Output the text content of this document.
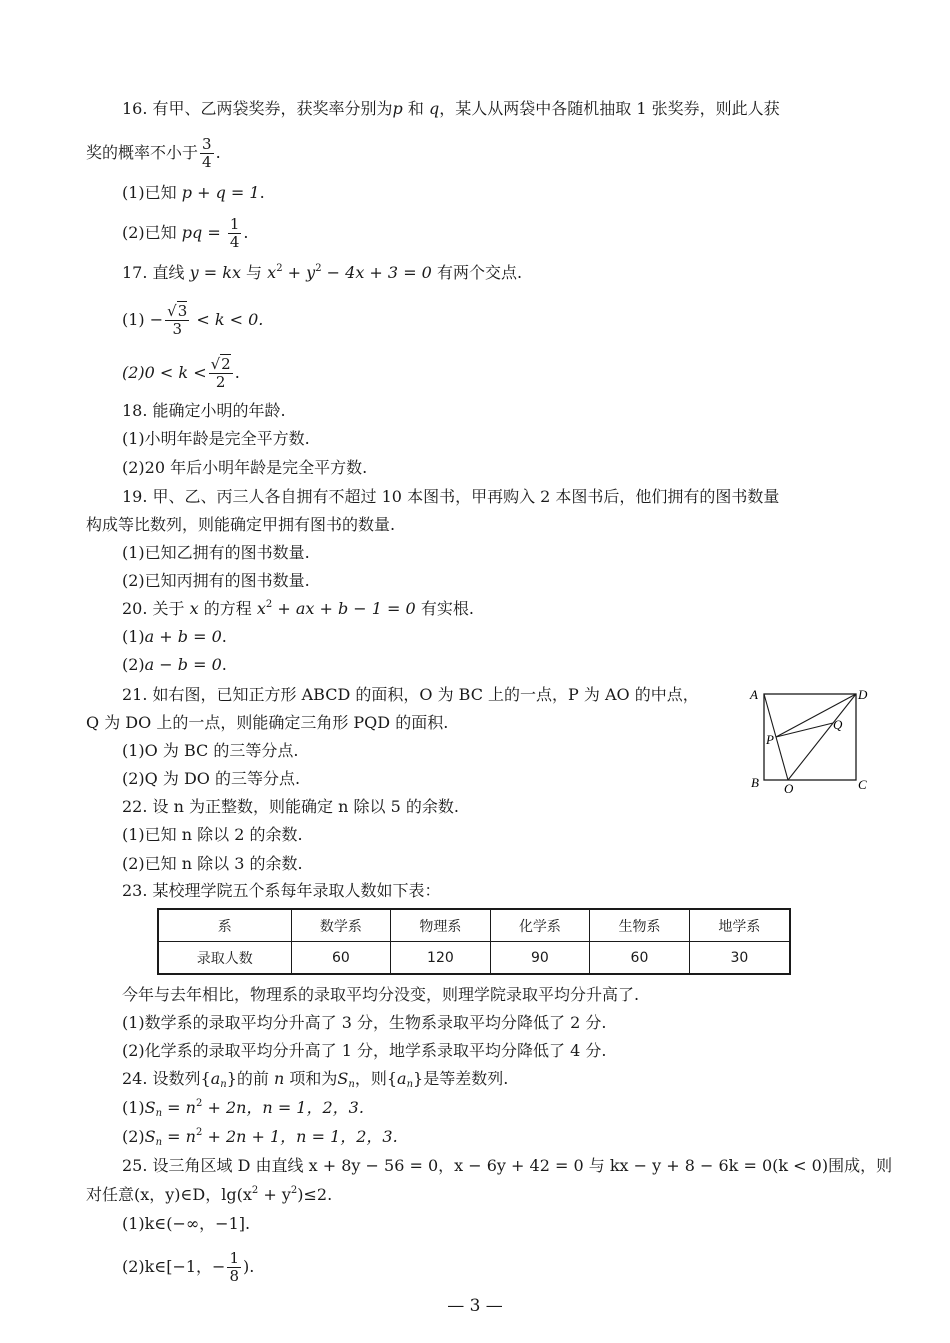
16. 有甲、乙两袋奖券，获奖率分别为p 和 q，某人从两袋中各随机抽取 1 张奖券，则此人获
奖的概率不小于 $\frac{3}{4}$ .
(1)已知 p + q = 1.
(2)已知 pq = $\frac{1}{4}$ .
17. 直线 y = kx 与 $x^2 + y^2 - 4x + 3 = 0$ 有两个交点.
$(1) - \frac{√3}{3} < k < 0$.
$(2)0 < k < \frac{√2}{2}$ .
18. 能确定小明的年龄.
(1)小明年龄是完全平方数.
(2)20 年后小明年龄是完全平方数.
19. 甲、乙、丙三人各自拥有不超过 10 本图书，甲再购入 2 本图书后，他们拥有的图书数量
构成等比数列，则能确定甲拥有图书的数量.
(1)已知乙拥有的图书数量.
(2)已知丙拥有的图书数量.
20. 关于 x 的方程 $x^2$ + ax + b − 1 = 0 有实根.
(1)a + b = 0.
(2)a − b = 0.
21. 如右图，已知正方形 ABCD 的面积，O 为 BC 上的一点，P 为 AO 的中点，
Q 为 DO 上的一点，则能确定三角形 PQD 的面积.
(1)O 为 BC 的三等分点.
(2)Q 为 DO 的三等分点.
A	D
B	C
O
P
Q
22. 设 n 为正整数，则能确定 n 除以 5 的余数.
(1)已知 n 除以 2 的余数.
(2)已知 n 除以 3 的余数.
23. 某校理学院五个系每年录取人数如下表：
系	数学系	物理系	化学系	生物系	地学系
录取人数	60	120	90	60	30
今年与去年相比，物理系的录取平均分没变，则理学院录取平均分升高了.
(1)数学系的录取平均分升高了 3 分，生物系录取平均分降低了 2 分.
(2)化学系的录取平均分升高了 1 分，地学系录取平均分降低了 4 分.
24. 设数列$\{a_n\}$的前 n 项和为$S_n$，则$\{a_n\}$是等差数列.
$(1)S_n = n^2 + 2n$，n = 1，2，3.
$(2)S_n = n^2 + 2n + 1$，n = 1，2，3.
25. 设三角区域 D 由直线 x + 8y − 56 = 0，x − 6y + 42 = 0 与 kx − y + 8 − 6k = 0(k < 0)围成，则
对任意(x，y)∈D，$\lg(x^2 + y^2)\le 2$.
(1)k∈(−∞，−1].
(2)k∈[−1，− $\frac{1}{8}$ ).
— 3 —
